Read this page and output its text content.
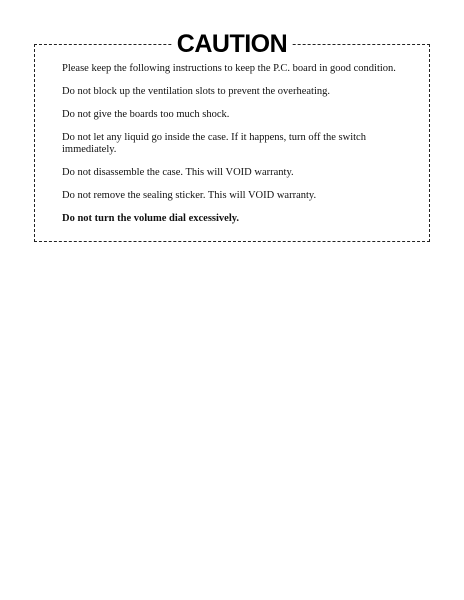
CAUTION
Please keep the following instructions to keep the P.C. board in good condition.
Do not block up the ventilation slots to prevent the overheating.
Do not give the boards too much shock.
Do not let any liquid go inside the case. If it happens, turn off the switch immediately.
Do not disassemble the case. This will VOID warranty.
Do not remove the sealing sticker. This will VOID warranty.
Do not turn the volume dial excessively.
